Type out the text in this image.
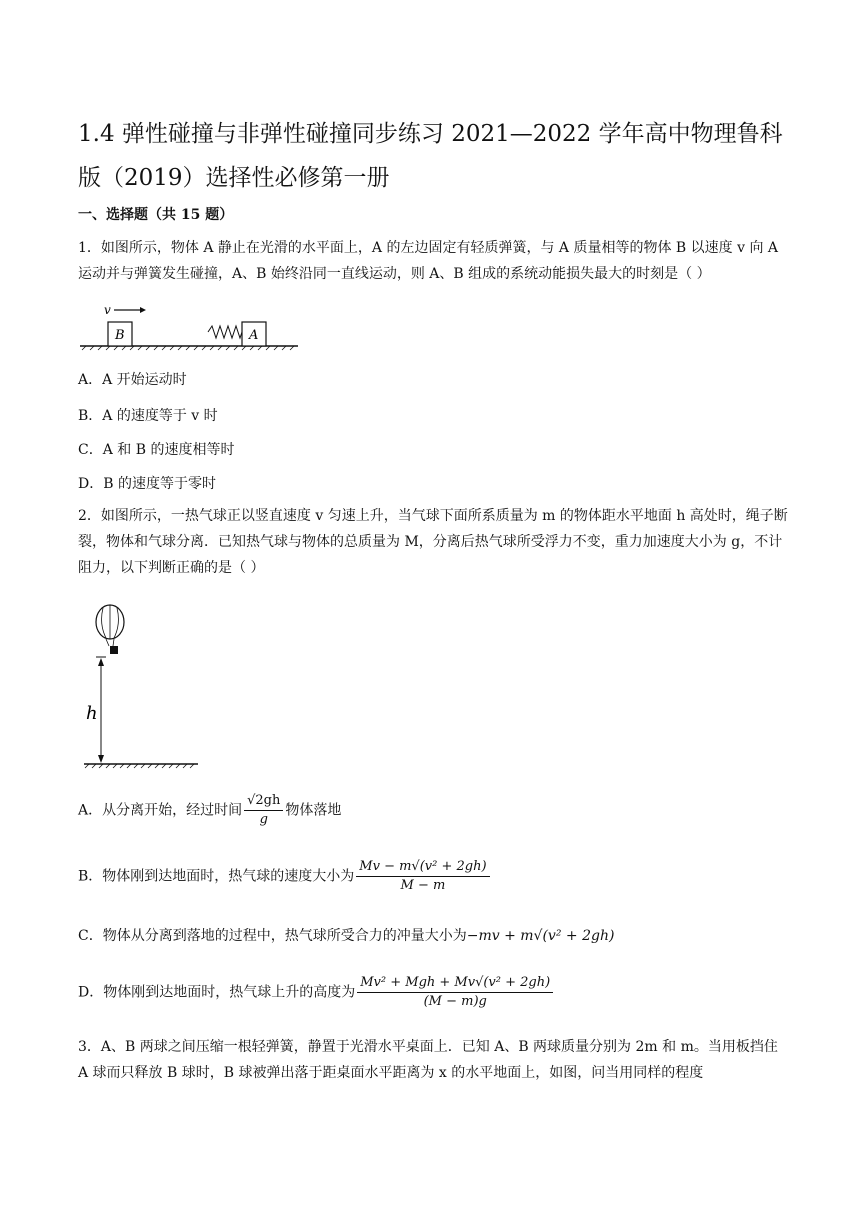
1.4 弹性碰撞与非弹性碰撞同步练习 2021—2022 学年高中物理鲁科版（2019）选择性必修第一册
一、选择题（共 15 题）

1．如图所示，物体 A 静止在光滑的水平面上，A 的左边固定有轻质弹簧，与 A 质量相等的物体 B 以速度 v 向 A 运动并与弹簧发生碰撞，A、B 始终沿同一直线运动，则 A、B 组成的系统动能损失最大的时刻是（ ）

v
B	A
A．A 开始运动时
B．A 的速度等于 v 时
C．A 和 B 的速度相等时
D．B 的速度等于零时

2．如图所示，一热气球正以竖直速度 v 匀速上升，当气球下面所系质量为 m 的物体距水平地面 h 高处时，绳子断裂，物体和气球分离．已知热气球与物体的总质量为 M，分离后热气球所受浮力不变，重力加速度大小为 g，不计阻力，以下判断正确的是（ ）

h
A．从分离开始，经过时间 $\frac{√2gh}{g}$ 物体落地
B．物体刚到达地面时，热气球的速度大小为 $\frac{\text{Mv − m√(v² + 2gh)}}{M - m}$
C．物体从分离到落地的过程中，热气球所受合力的冲量大小为−mv + m√(v² + 2gh)
D．物体刚到达地面时，热气球上升的高度为 $\frac{\text{Mv² + Mgh + Mv√(v² + 2gh)}}{(M - m)g}$

3．A、B 两球之间压缩一根轻弹簧，静置于光滑水平桌面上．已知 A、B 两球质量分别为 2m 和 m。当用板挡住 A 球而只释放 B 球时，B 球被弹出落于距桌面水平距离为 x 的水平地面上，如图，问当用同样的程度
